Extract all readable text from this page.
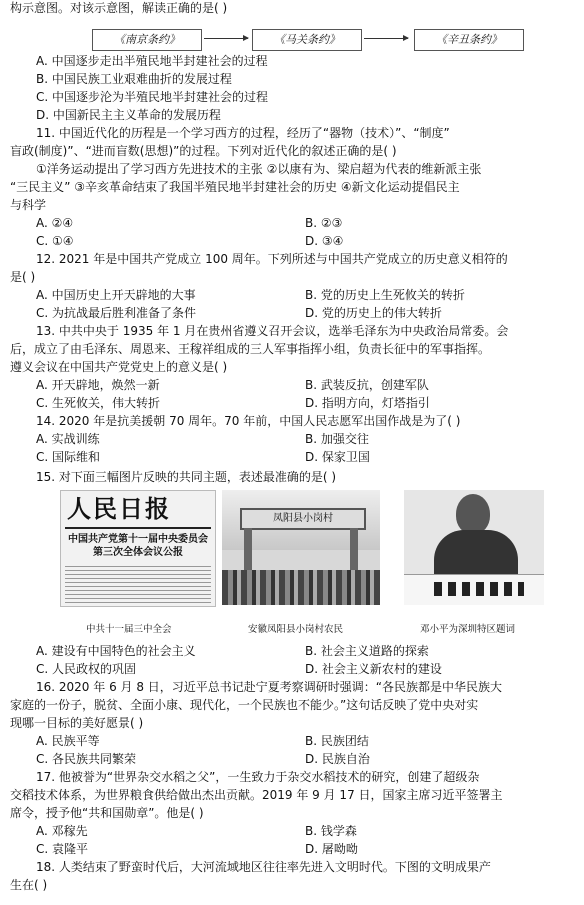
构示意图。对该示意图，解读正确的是( )
《南京条约》	《马关条约》	《辛丑条约》
A. 中国逐步走出半殖民地半封建社会的过程
B. 中国民族工业艰难曲折的发展过程
C. 中国逐步沦为半殖民地半封建社会的过程
D. 中国新民主主义革命的发展历程
11. 中国近代化的历程是一个学习西方的过程，经历了“器物（技术）”、“制度”
盲政(制度)”、“进而盲数(思想)”的过程。下列对近代化的叙述正确的是( )
①洋务运动提出了学习西方先进技术的主张 ②以康有为、梁启超为代表的维新派主张
“三民主义” ③辛亥革命结束了我国半殖民地半封建社会的历史 ④新文化运动提倡民主
与科学
A. ②④	B. ②③
C. ①④	D. ③④
12. 2021 年是中国共产党成立 100 周年。下列所述与中国共产党成立的历史意义相符的
是( )
A. 中国历史上开天辟地的大事	B. 党的历史上生死攸关的转折
C. 为抗战最后胜利准备了条件	D. 党的历史上的伟大转折
13. 中共中央于 1935 年 1 月在贵州省遵义召开会议，选举毛泽东为中央政治局常委。会
后，成立了由毛泽东、周恩来、王稼祥组成的三人军事指挥小组，负责长征中的军事指挥。
遵义会议在中国共产党党史上的意义是( )
A. 开天辟地，焕然一新	B. 武装反抗，创建军队
C. 生死攸关，伟大转折	D. 指明方向，灯塔指引
14. 2020 年是抗美援朝 70 周年。70 年前，中国人民志愿军出国作战是为了( )
A. 实战训练	B. 加强交往
C. 国际维和	D. 保家卫国
15. 对下面三幅图片反映的共同主题，表述最准确的是( )
人民日报
中国共产党第十一届中央委员会 第三次全体会议公报
凤阳县小岗村
中共十一届三中全会	安徽凤阳县小岗村农民	邓小平为深圳特区题词
A. 建设有中国特色的社会主义	B. 社会主义道路的探索
C. 人民政权的巩固	D. 社会主义新农村的建设
16. 2020 年 6 月 8 日，习近平总书记赴宁夏考察调研时强调：“各民族都是中华民族大
家庭的一份子，脱贫、全面小康、现代化，一个民族也不能少。”这句话反映了党中央对实
现哪一目标的美好愿景( )
A. 民族平等	B. 民族团结
C. 各民族共同繁荣	D. 民族自治
17. 他被誉为“世界杂交水稻之父”，一生致力于杂交水稻技术的研究，创建了超级杂
交稻技术体系，为世界粮食供给做出杰出贡献。2019 年 9 月 17 日，国家主席习近平签署主
席令，授予他“共和国勋章”。他是( )
A. 邓稼先	B. 钱学森
C. 袁隆平	D. 屠呦呦
18. 人类结束了野蛮时代后，大河流域地区往往率先进入文明时代。下图的文明成果产
生在( )
